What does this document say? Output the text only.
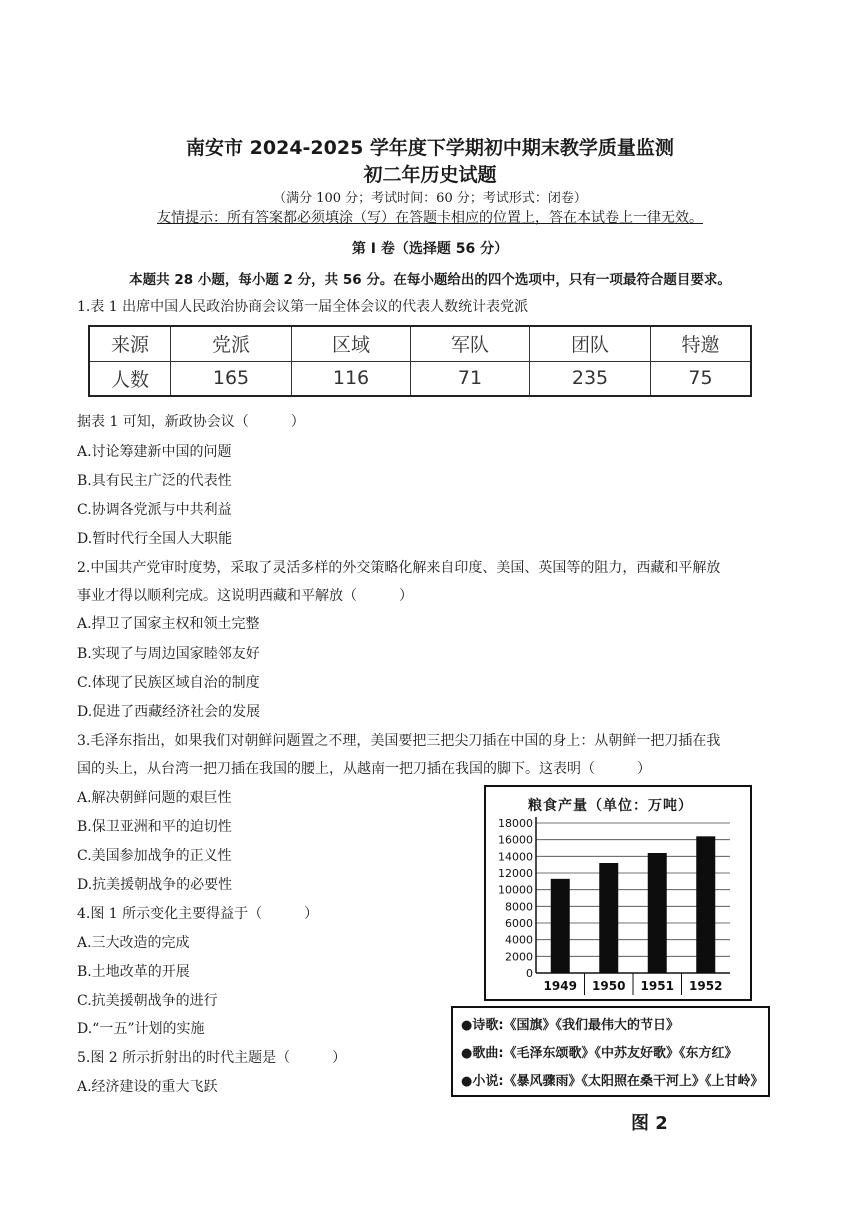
南安市 2024-2025 学年度下学期初中期末教学质量监测
初二年历史试题
（满分 100 分；考试时间：60 分；考试形式：闭卷）
友情提示：所有答案都必须填涂（写）在答题卡相应的位置上，答在本试卷上一律无效。
第 I 卷（选择题 56 分）
本题共 28 小题，每小题 2 分，共 56 分。在每小题给出的四个选项中，只有一项最符合题目要求。
1.表 1 出席中国人民政治协商会议第一届全体会议的代表人数统计表党派
来源	党派	区域	军队	团队	特邀
人数	165	116	71	235	75
据表 1 可知，新政协会议（　　　）
A.讨论筹建新中国的问题
B.具有民主广泛的代表性
C.协调各党派与中共利益
D.暂时代行全国人大职能
2.中国共产党审时度势，采取了灵活多样的外交策略化解来自印度、美国、英国等的阻力，西藏和平解放
事业才得以顺利完成。这说明西藏和平解放（　　　）
A.捍卫了国家主权和领土完整
B.实现了与周边国家睦邻友好
C.体现了民族区域自治的制度
D.促进了西藏经济社会的发展
3.毛泽东指出，如果我们对朝鲜问题置之不理，美国要把三把尖刀插在中国的身上：从朝鲜一把刀插在我
国的头上，从台湾一把刀插在我国的腰上，从越南一把刀插在我国的脚下。这表明（　　　）
A.解决朝鲜问题的艰巨性
B.保卫亚洲和平的迫切性
C.美国参加战争的正义性
D.抗美援朝战争的必要性
4.图 1 所示变化主要得益于（　　　）
A.三大改造的完成
B.土地改革的开展
C.抗美援朝战争的进行
D.“一五”计划的实施
5.图 2 所示折射出的时代主题是（　　　）
A.经济建设的重大飞跃
粮食产量（单位：万吨）
0
2000
4000
6000
8000
10000
12000
14000
16000
18000
1949 1950 1951 1952
●诗歌:《国旗》《我们最伟大的节日》
●歌曲:《毛泽东颂歌》《中苏友好歌》《东方红》
●小说:《暴风骤雨》《太阳照在桑干河上》《上甘岭》
图 2
